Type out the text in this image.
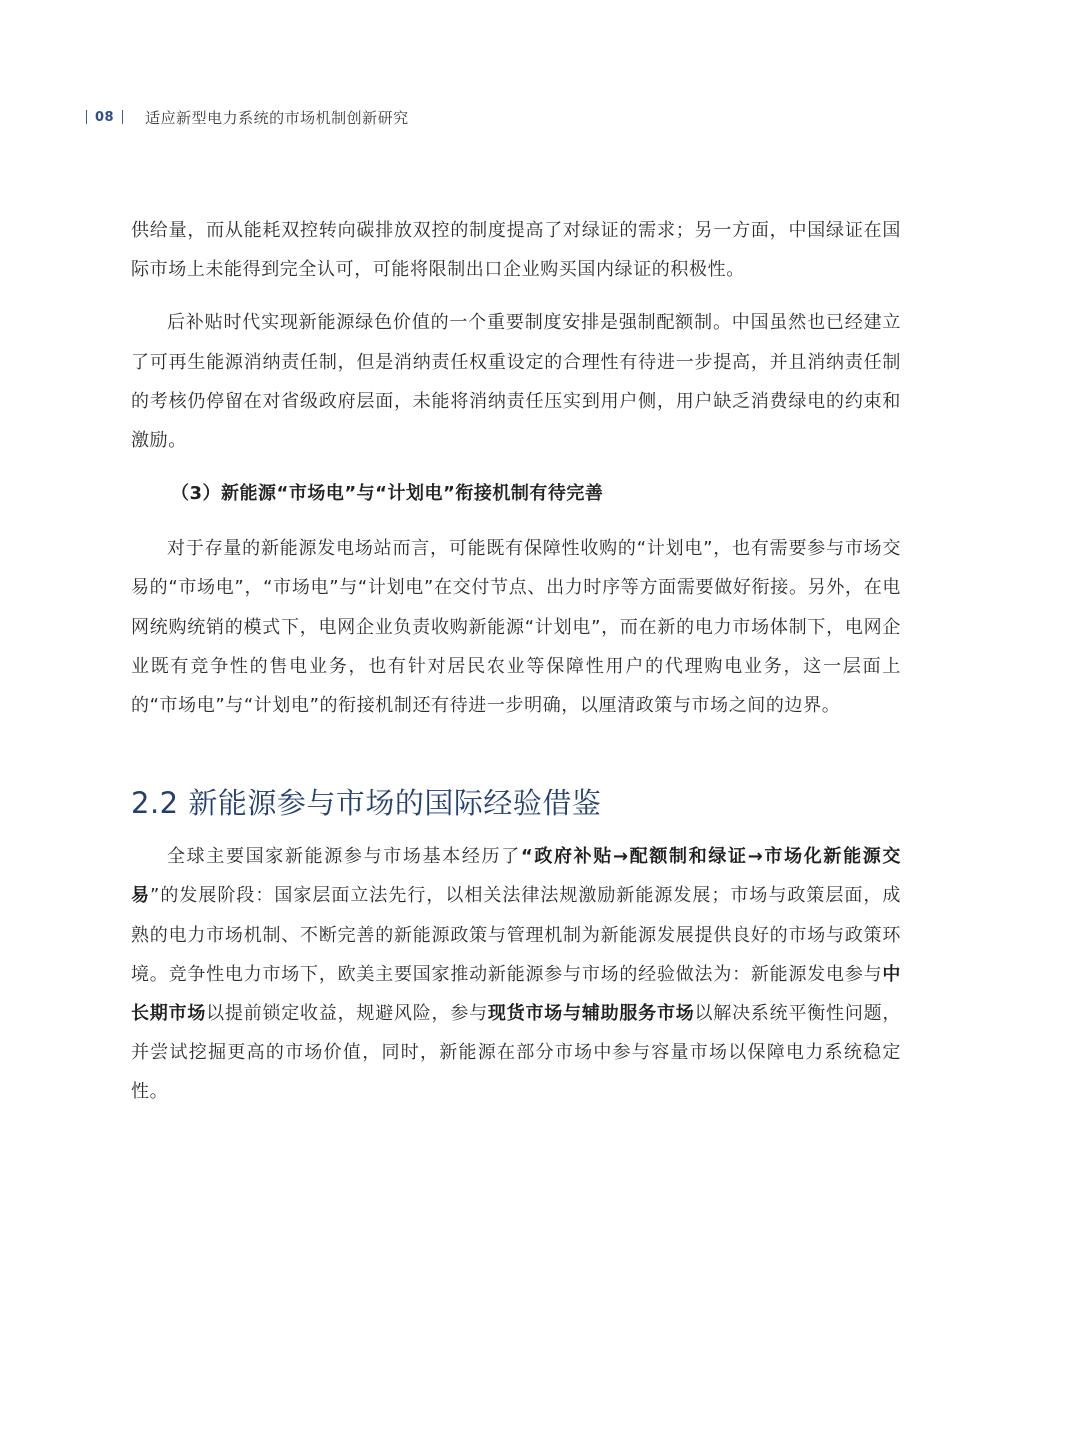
08 适应新型电力系统的市场机制创新研究

供给量，而从能耗双控转向碳排放双控的制度提高了对绿证的需求；另一方面，中国绿证在国际市场上未能得到完全认可，可能将限制出口企业购买国内绿证的积极性。

后补贴时代实现新能源绿色价值的一个重要制度安排是强制配额制。中国虽然也已经建立了可再生能源消纳责任制，但是消纳责任权重设定的合理性有待进一步提高，并且消纳责任制的考核仍停留在对省级政府层面，未能将消纳责任压实到用户侧，用户缺乏消费绿电的约束和激励。

（3）新能源“市场电”与“计划电”衔接机制有待完善

对于存量的新能源发电场站而言，可能既有保障性收购的“计划电”，也有需要参与市场交易的“市场电”，“市场电”与“计划电”在交付节点、出力时序等方面需要做好衔接。另外，在电网统购统销的模式下，电网企业负责收购新能源“计划电”，而在新的电力市场体制下，电网企业既有竞争性的售电业务，也有针对居民农业等保障性用户的代理购电业务，这一层面上的“市场电”与“计划电”的衔接机制还有待进一步明确，以厘清政策与市场之间的边界。

2.2 新能源参与市场的国际经验借鉴

全球主要国家新能源参与市场基本经历了“政府补贴→配额制和绿证→市场化新能源交易”的发展阶段：国家层面立法先行，以相关法律法规激励新能源发展；市场与政策层面，成熟的电力市场机制、不断完善的新能源政策与管理机制为新能源发展提供良好的市场与政策环境。竞争性电力市场下，欧美主要国家推动新能源参与市场的经验做法为：新能源发电参与中长期市场以提前锁定收益，规避风险，参与现货市场与辅助服务市场以解决系统平衡性问题，并尝试挖掘更高的市场价值，同时，新能源在部分市场中参与容量市场以保障电力系统稳定性。
